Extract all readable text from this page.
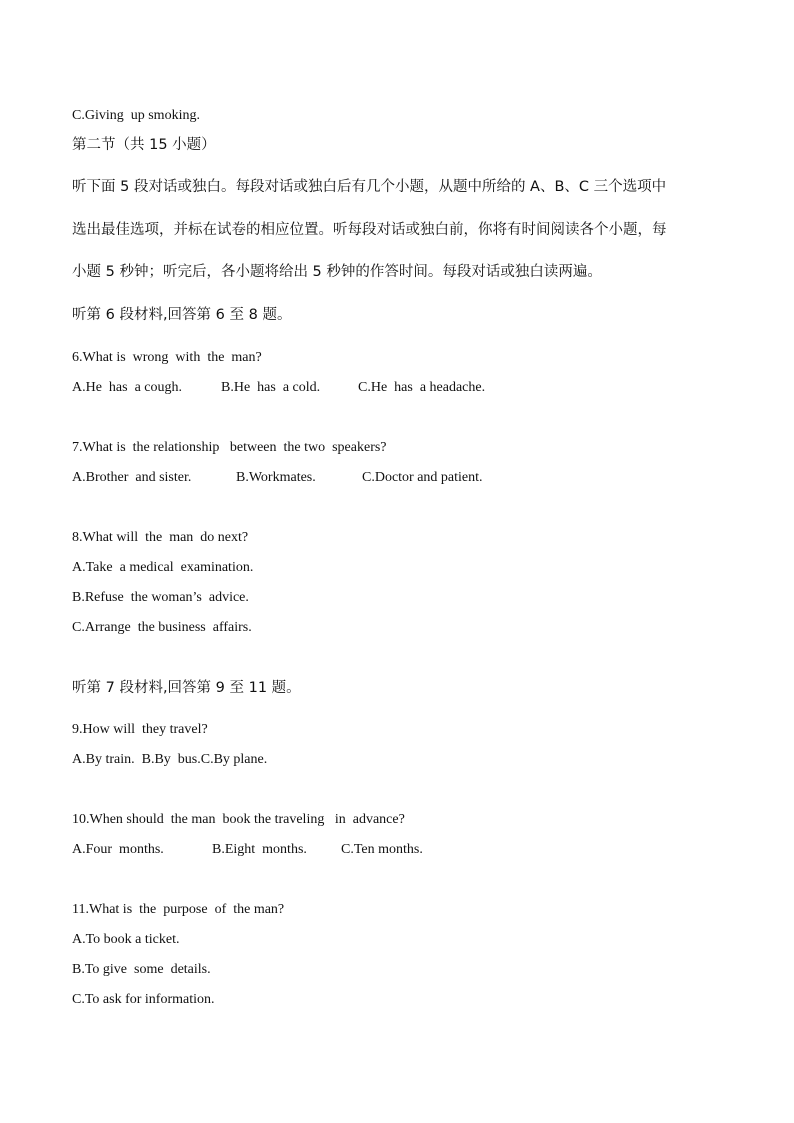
C.Giving  up smoking.
第二节（共 15 小题）
听下面 5 段对话或独白。每段对话或独白后有几个小题，从题中所给的 A、B、C 三个选项中
选出最佳选项，并标在试卷的相应位置。听每段对话或独白前，你将有时间阅读各个小题，每
小题 5 秒钟；听完后，各小题将给出 5 秒钟的作答时间。每段对话或独白读两遍。
听第 6 段材料,回答第 6 至 8 题。
6.What is  wrong  with  the  man?
A.He  has  a cough.	B.He  has  a cold.	C.He  has  a headache.
7.What is  the relationship   between  the two  speakers?
A.Brother  and sister.	B.Workmates.	C.Doctor and patient.
8.What will  the  man  do next?
A.Take  a medical  examination.
B.Refuse  the woman’s  advice.
C.Arrange  the business  affairs.
听第 7 段材料,回答第 9 至 11 题。
9.How will  they travel?
A.By train.  B.By  bus.C.By plane.
10.When should  the man  book the traveling   in  advance?
A.Four  months.	B.Eight  months. C.Ten months.
11.What is  the  purpose  of  the man?
A.To book a ticket.
B.To give  some  details.
C.To ask for information.
